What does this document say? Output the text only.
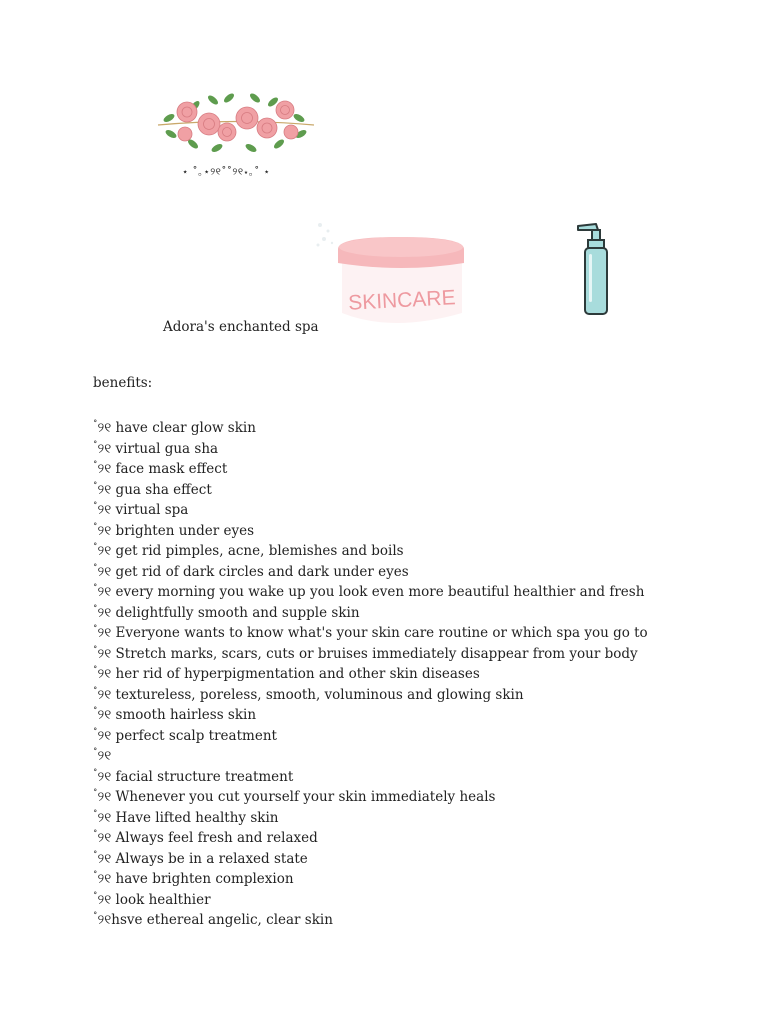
⋆ ˚｡⋆୨୧˚˚୨୧⋆｡˚ ⋆
SKINCARE
Adora's enchanted spa
benefits:
˚୨୧ have clear glow skin
˚୨୧ virtual gua sha
˚୨୧ face mask effect
˚୨୧ gua sha effect
˚୨୧ virtual spa
˚୨୧ brighten under eyes
˚୨୧ get rid pimples, acne, blemishes and boils
˚୨୧ get rid of dark circles and dark under eyes
˚୨୧ every morning you wake up you look even more beautiful healthier and fresh
˚୨୧ delightfully smooth and supple skin
˚୨୧ Everyone wants to know what's your skin care routine or which spa you go to
˚୨୧ Stretch marks, scars, cuts or bruises immediately disappear from your body
˚୨୧ her rid of hyperpigmentation and other skin diseases
˚୨୧ textureless, poreless, smooth, voluminous and glowing skin
˚୨୧ smooth hairless skin
˚୨୧ perfect scalp treatment
˚୨୧
˚୨୧ facial structure treatment
˚୨୧ Whenever you cut yourself your skin immediately heals
˚୨୧ Have lifted healthy skin
˚୨୧ Always feel fresh and relaxed
˚୨୧ Always be in a relaxed state
˚୨୧ have brighten complexion
˚୨୧ look healthier
˚୨୧hsve ethereal angelic, clear skin
